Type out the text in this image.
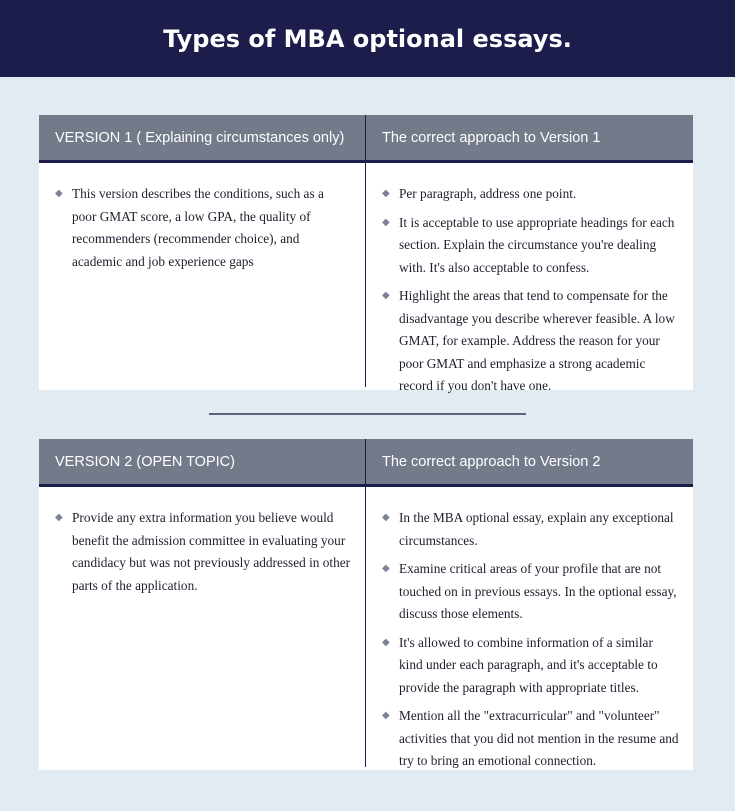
Types of MBA optional essays.
VERSION 1 ( Explaining circumstances only)	The correct approach to Version 1
◆ This version describes the conditions, such as a poor GMAT score, a low GPA, the quality of recommenders (recommender choice), and academic and job experience gaps
◆ Per paragraph, address one point.
◆ It is acceptable to use appropriate headings for each section. Explain the circumstance you're dealing with. It's also acceptable to confess.
◆ Highlight the areas that tend to compensate for the disadvantage you describe wherever feasible. A low GMAT, for example. Address the reason for your poor GMAT and emphasize a strong academic record if you don't have one.
VERSION 2 (OPEN TOPIC)	The correct approach to Version 2
◆ Provide any extra information you believe would benefit the admission committee in evaluating your candidacy but was not previously addressed in other parts of the application.
◆ In the MBA optional essay, explain any exceptional circumstances.
◆ Examine critical areas of your profile that are not touched on in previous essays. In the optional essay, discuss those elements.
◆ It's allowed to combine information of a similar kind under each paragraph, and it's acceptable to provide the paragraph with appropriate titles.
◆ Mention all the "extracurricular" and "volunteer" activities that you did not mention in the resume and try to bring an emotional connection.
